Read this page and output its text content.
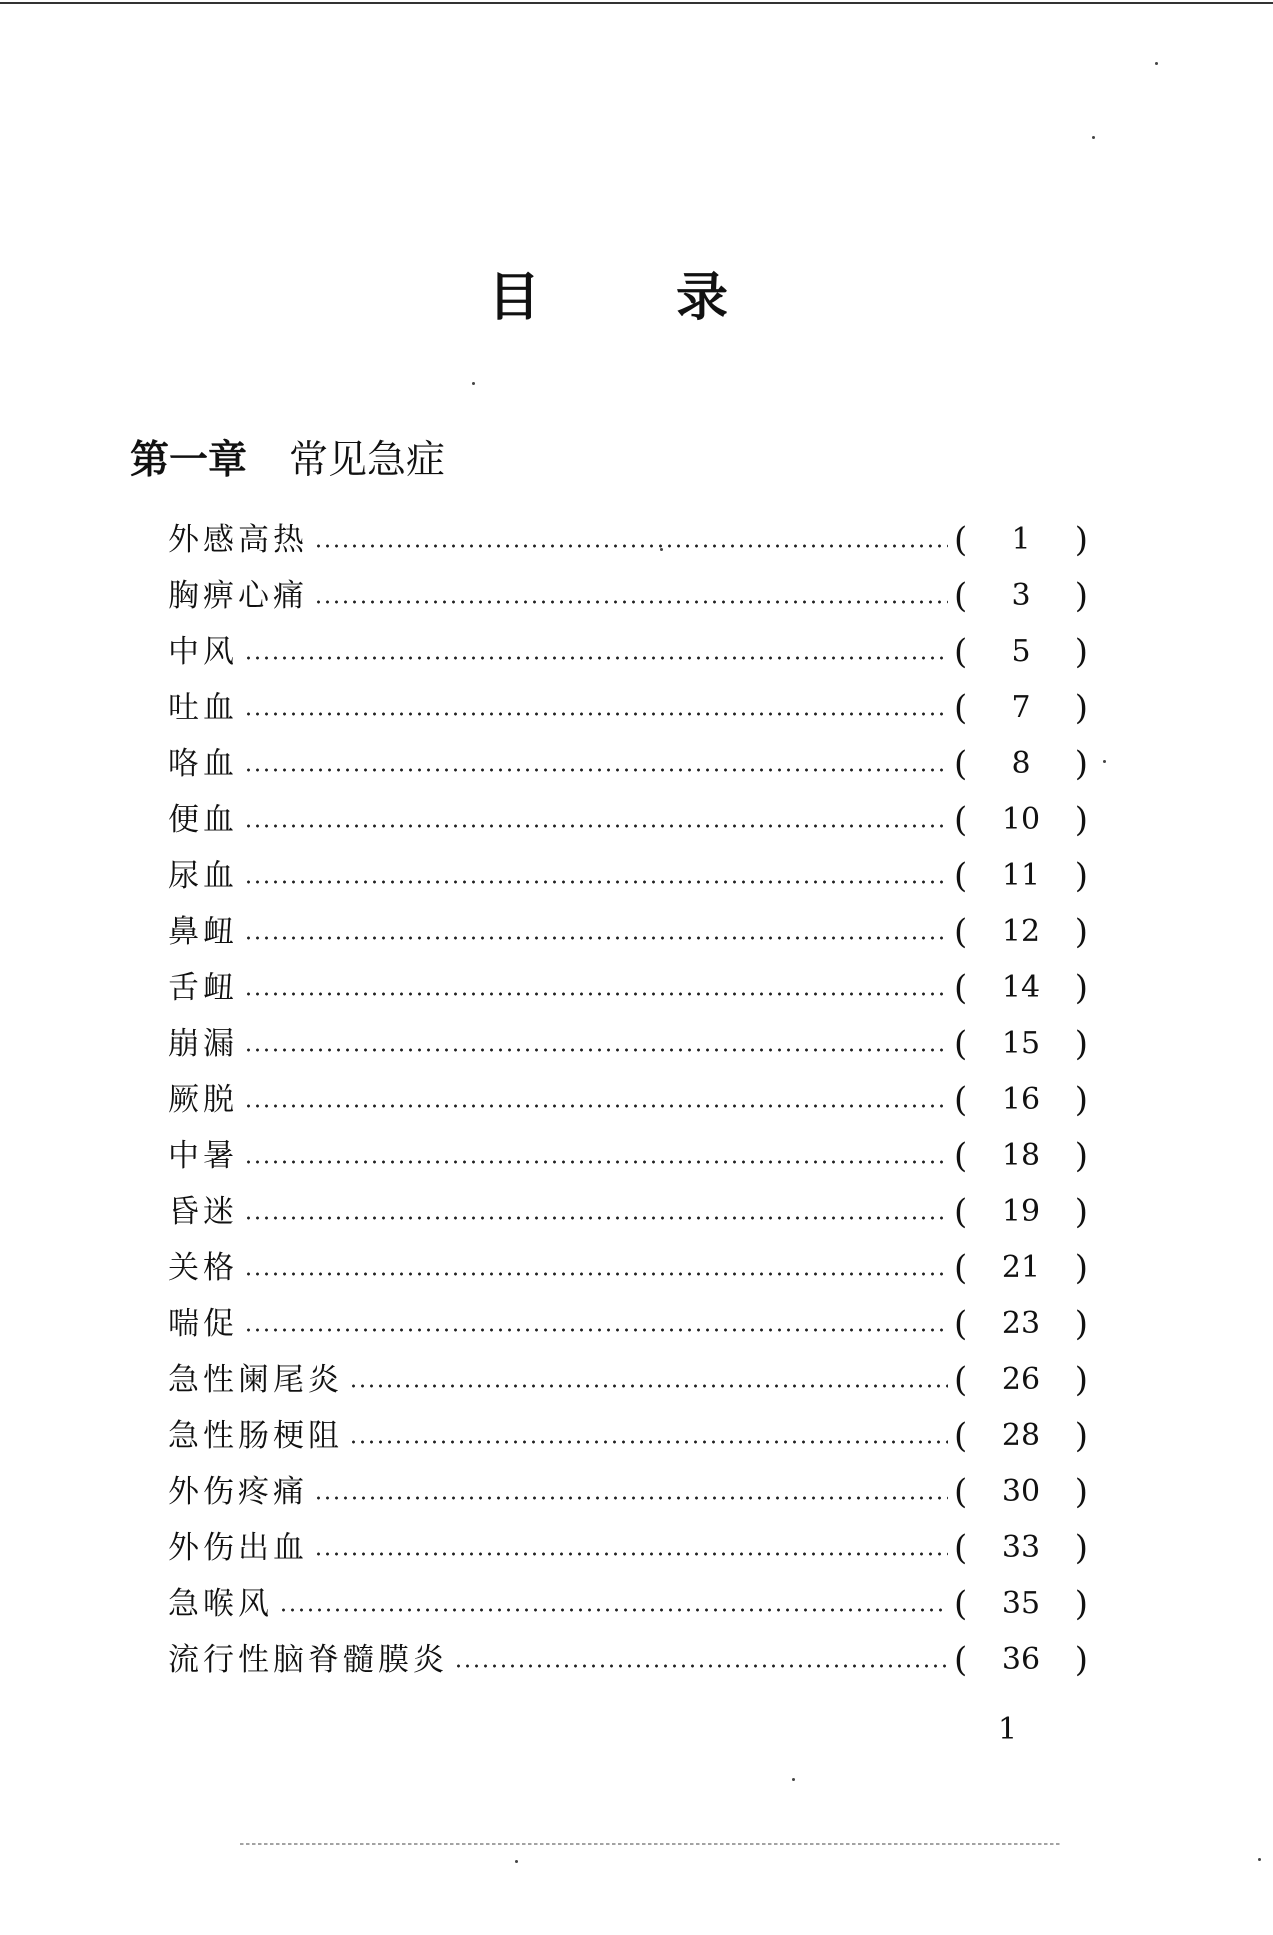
目	录
第一章 常见急症
外感高热	(	1	)
胸痹心痛	(	3	)
中风	(	5	)
吐血	(	7	)
咯血	(	8	)
便血	(	10	)
尿血	(	11	)
鼻衄	(	12	)
舌衄	(	14	)
崩漏	(	15	)
厥脱	(	16	)
中暑	(	18	)
昏迷	(	19	)
关格	(	21	)
喘促	(	23	)
急性阑尾炎	(	26	)
急性肠梗阻	(	28	)
外伤疼痛	(	30	)
外伤出血	(	33	)
急喉风	(	35	)
流行性脑脊髓膜炎	(	36	)
1
